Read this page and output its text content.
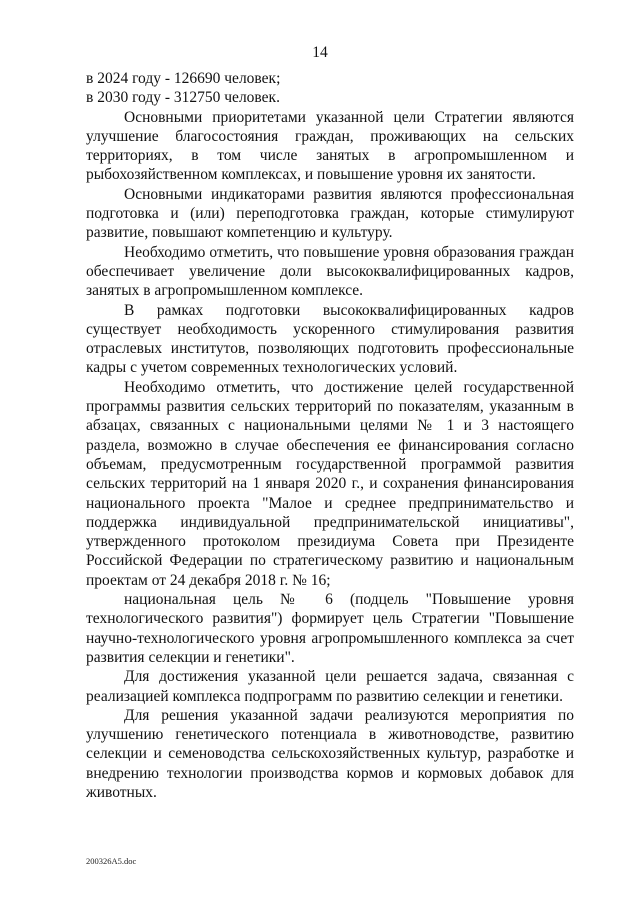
14

в 2024 году - 126690 человек;

в 2030 году - 312750 человек.

Основными приоритетами указанной цели Стратегии являются улучшение благосостояния граждан, проживающих на сельских территориях, в том числе занятых в агропромышленном и рыбохозяйственном комплексах, и повышение уровня их занятости.

Основными индикаторами развития являются профессиональная подготовка и (или) переподготовка граждан, которые стимулируют развитие, повышают компетенцию и культуру.

Необходимо отметить, что повышение уровня образования граждан обеспечивает увеличение доли высококвалифицированных кадров, занятых в агропромышленном комплексе.

В рамках подготовки высококвалифицированных кадров существует необходимость ускоренного стимулирования развития отраслевых институтов, позволяющих подготовить профессиональные кадры с учетом современных технологических условий.

Необходимо отметить, что достижение целей государственной программы развития сельских территорий по показателям, указанным в абзацах, связанных с национальными целями № 1 и 3 настоящего раздела, возможно в случае обеспечения ее финансирования согласно объемам, предусмотренным государственной программой развития сельских территорий на 1 января 2020 г., и сохранения финансирования национального проекта "Малое и среднее предпринимательство и поддержка индивидуальной предпринимательской инициативы", утвержденного протоколом президиума Совета при Президенте Российской Федерации по стратегическому развитию и национальным проектам от 24 декабря 2018 г. № 16;

национальная цель № 6 (подцель "Повышение уровня технологического развития") формирует цель Стратегии "Повышение научно-технологического уровня агропромышленного комплекса за счет развития селекции и генетики".

Для достижения указанной цели решается задача, связанная с реализацией комплекса подпрограмм по развитию селекции и генетики.

Для решения указанной задачи реализуются мероприятия по улучшению генетического потенциала в животноводстве, развитию селекции и семеноводства сельскохозяйственных культур, разработке и внедрению технологии производства кормов и кормовых добавок для животных.

200326A5.doc
